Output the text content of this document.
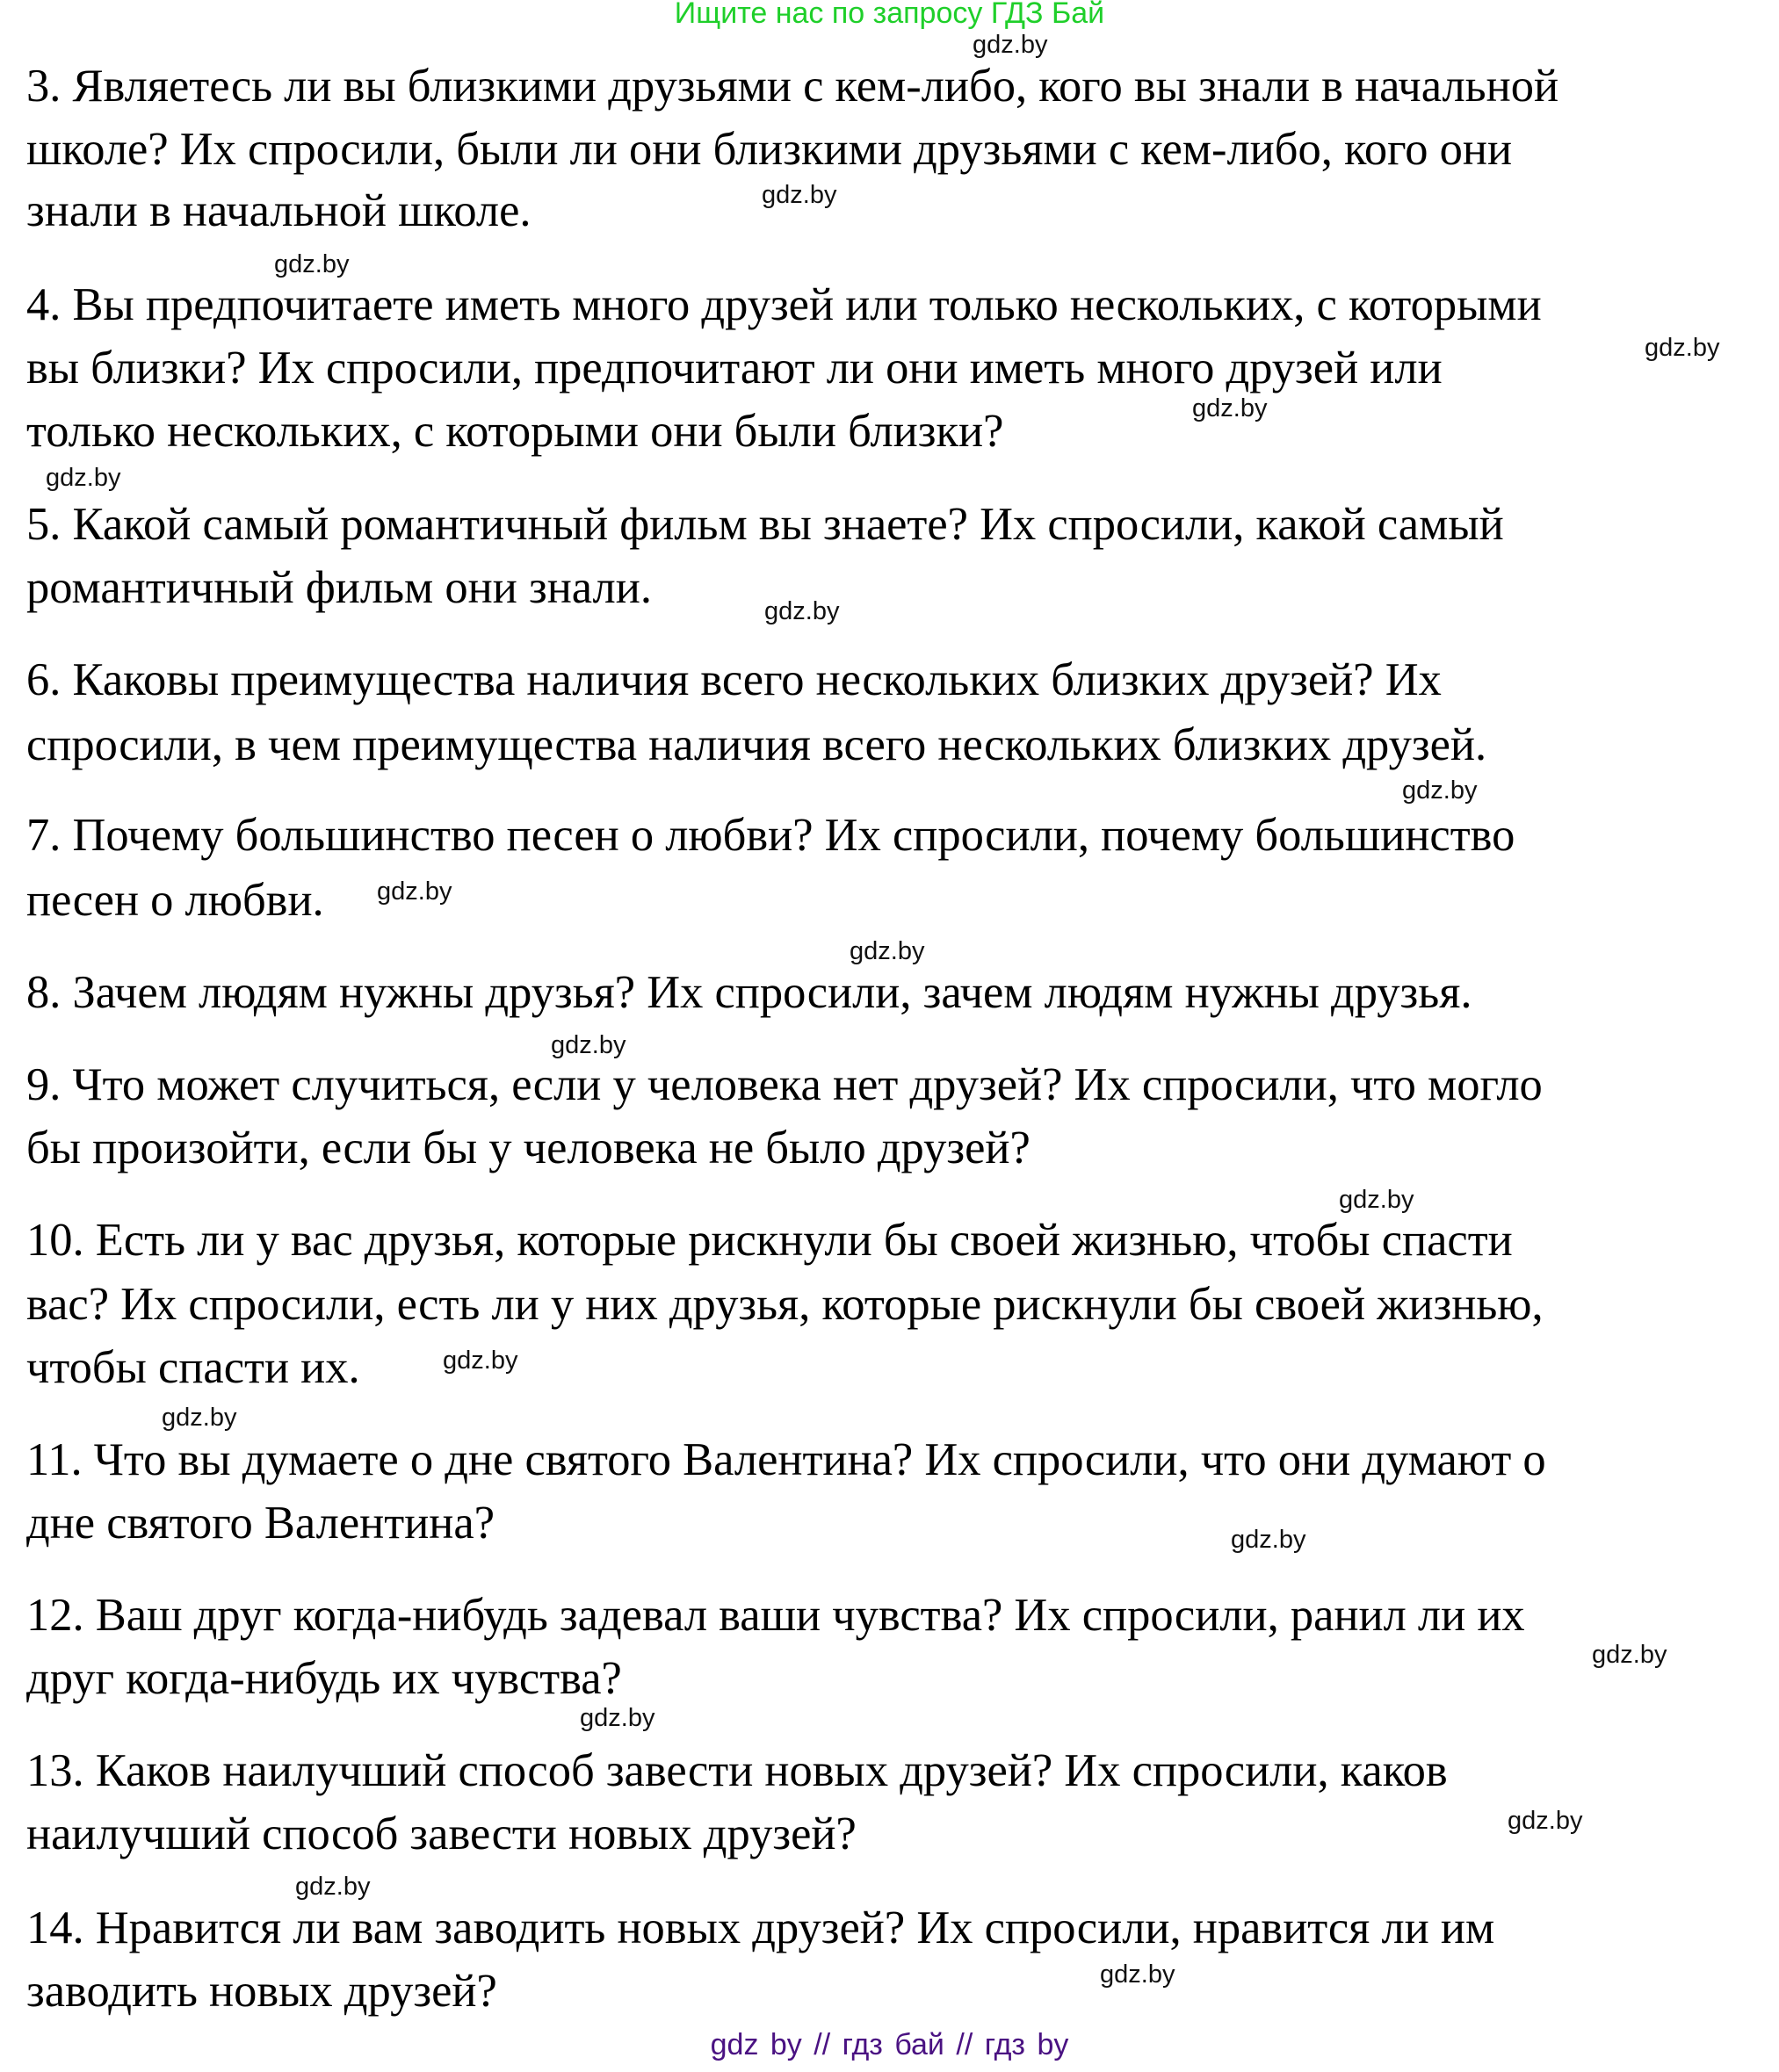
Ищите нас по запросу ГДЗ Бай
3. Являетесь ли вы близкими друзьями с кем-либо, кого вы знали в начальной
школе? Их спросили, были ли они близкими друзьями с кем-либо, кого они
знали в начальной школе.
4. Вы предпочитаете иметь много друзей или только нескольких, с которыми
вы близки? Их спросили, предпочитают ли они иметь много друзей или
только нескольких, с которыми они были близки?
5. Какой самый романтичный фильм вы знаете? Их спросили, какой самый
романтичный фильм они знали.
6. Каковы преимущества наличия всего нескольких близких друзей? Их
спросили, в чем преимущества наличия всего нескольких близких друзей.
7. Почему большинство песен о любви? Их спросили, почему большинство
песен о любви.
8. Зачем людям нужны друзья? Их спросили, зачем людям нужны друзья.
9. Что может случиться, если у человека нет друзей? Их спросили, что могло
бы произойти, если бы у человека не было друзей?
10. Есть ли у вас друзья, которые рискнули бы своей жизнью, чтобы спасти
вас? Их спросили, есть ли у них друзья, которые рискнули бы своей жизнью,
чтобы спасти их.
11. Что вы думаете о дне святого Валентина? Их спросили, что они думают о
дне святого Валентина?
12. Ваш друг когда-нибудь задевал ваши чувства? Их спросили, ранил ли их
друг когда-нибудь их чувства?
13. Каков наилучший способ завести новых друзей? Их спросили, каков
наилучший способ завести новых друзей?
14. Нравится ли вам заводить новых друзей? Их спросили, нравится ли им
заводить новых друзей?
gdz.by
gdz.by
gdz.by
gdz.by
gdz.by
gdz.by
gdz.by
gdz.by
gdz.by
gdz.by
gdz.by
gdz.by
gdz.by
gdz.by
gdz.by
gdz.by
gdz.by
gdz.by
gdz.by
gdz.by
gdz by // гдз бай // гдз by
